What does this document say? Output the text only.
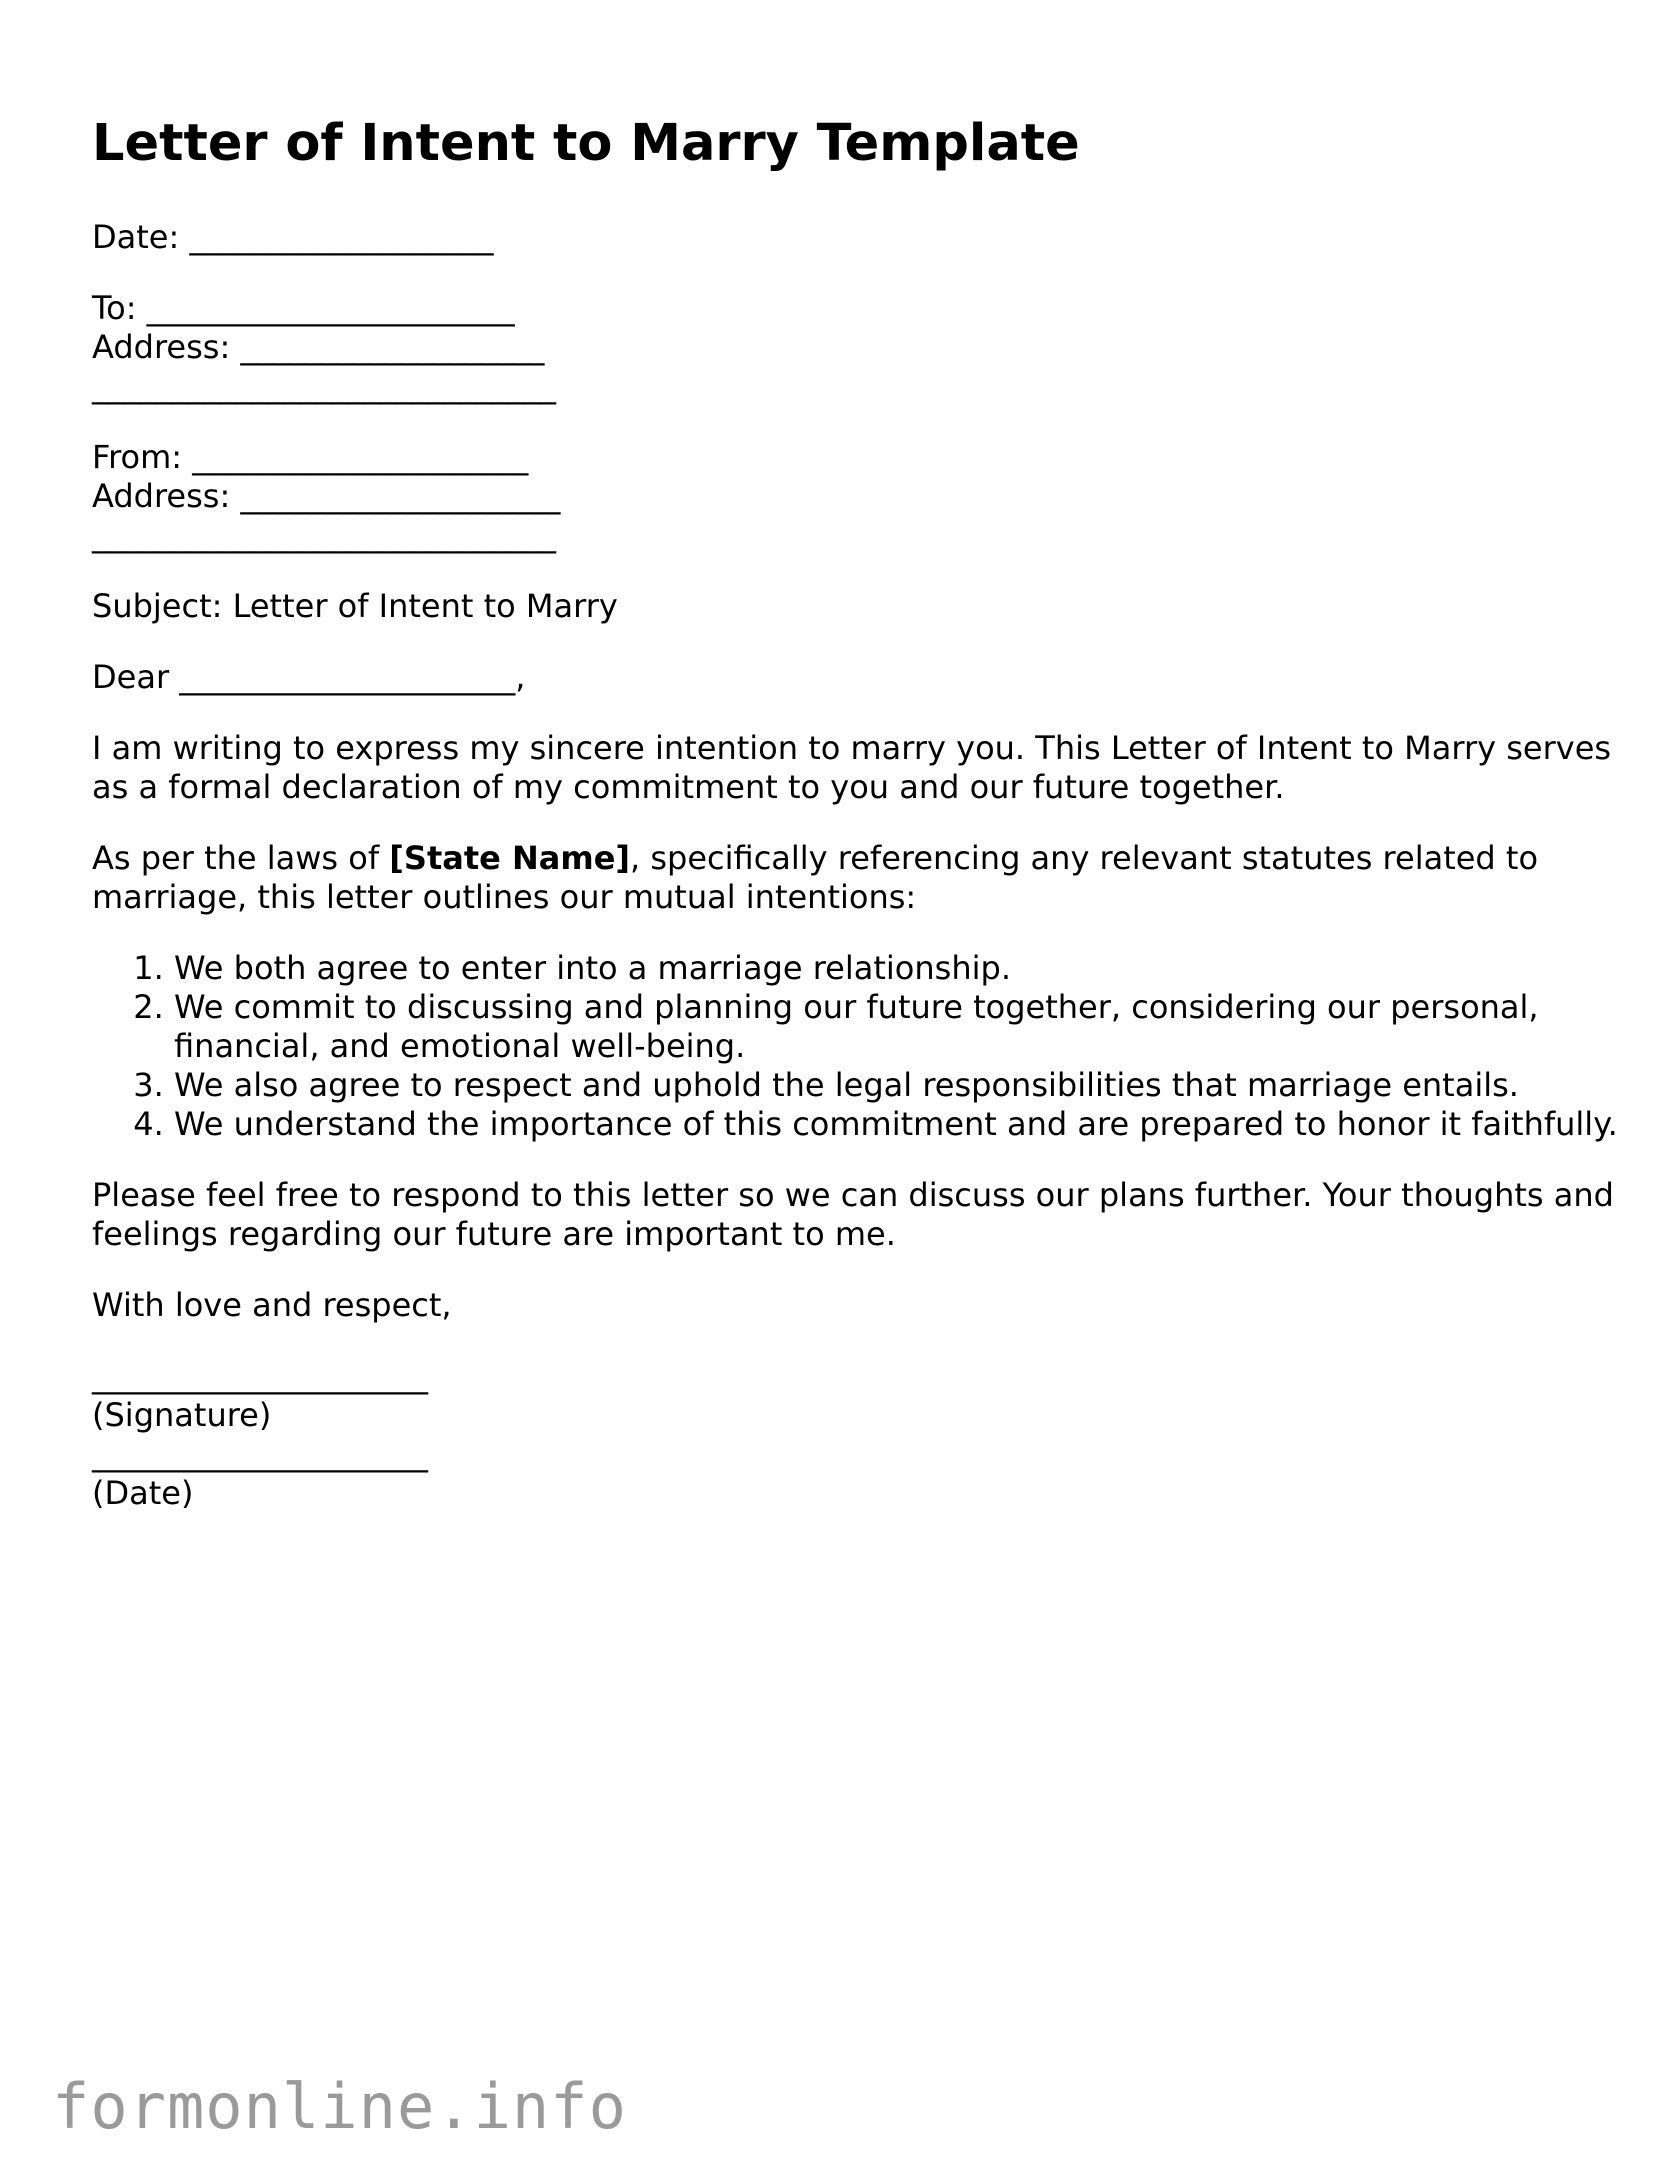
Letter of Intent to Marry Template

Date: ___________________

To: _______________________
Address: ___________________
_____________________________

From: _____________________
Address: ____________________
_____________________________

Subject: Letter of Intent to Marry

Dear _____________________,

I am writing to express my sincere intention to marry you. This Letter of Intent to Marry serves as a formal declaration of my commitment to you and our future together.

As per the laws of [State Name], specifically referencing any relevant statutes related to marriage, this letter outlines our mutual intentions:

1. We both agree to enter into a marriage relationship.
2. We commit to discussing and planning our future together, considering our personal, financial, and emotional well-being.
3. We also agree to respect and uphold the legal responsibilities that marriage entails.
4. We understand the importance of this commitment and are prepared to honor it faithfully.

Please feel free to respond to this letter so we can discuss our plans further. Your thoughts and feelings regarding our future are important to me.

With love and respect,

_____________________
(Signature)
_____________________
(Date)
formonline.info
